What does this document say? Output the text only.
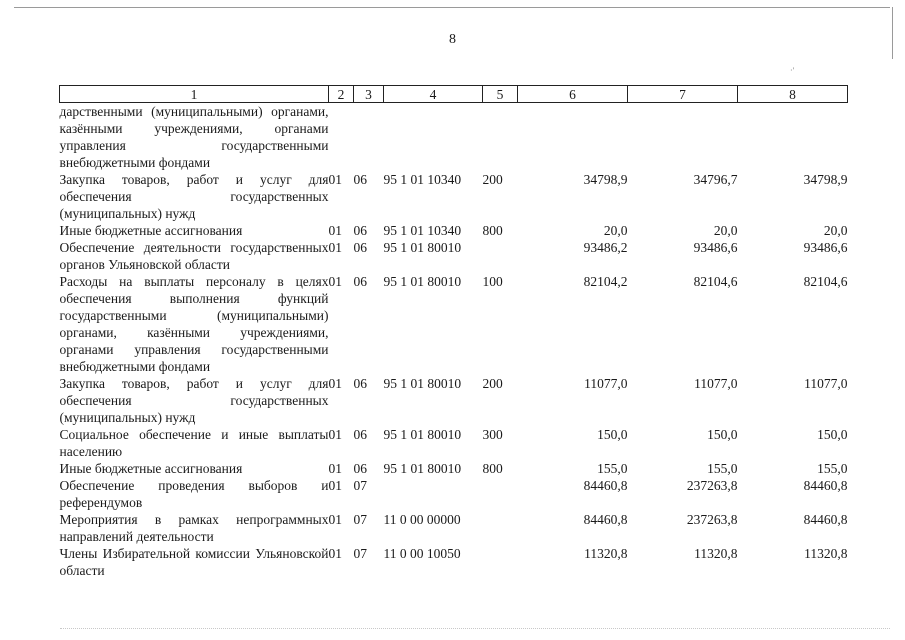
8
·'
1	2	3	4	5	6	7	8
дарственными (муниципальными) органами, казёнными учреждениями, органами управления государственными внебюджетными фондами							
Закупка товаров, работ и услуг для обеспечения государственных (муниципальных) нужд	01	06	95 1 01 10340	200	34798,9	34796,7	34798,9
Иные бюджетные ассигнования	01	06	95 1 01 10340	800	20,0	20,0	20,0
Обеспечение деятельности государственных органов Ульяновской области	01	06	95 1 01 80010		93486,2	93486,6	93486,6
Расходы на выплаты персоналу в целях обеспечения выполнения функций государственными (муниципальными) органами, казёнными учреждениями, органами управления государственными внебюджетными фондами	01	06	95 1 01 80010	100	82104,2	82104,6	82104,6
Закупка товаров, работ и услуг для обеспечения государственных (муниципальных) нужд	01	06	95 1 01 80010	200	11077,0	11077,0	11077,0
Социальное обеспечение и иные выплаты населению	01	06	95 1 01 80010	300	150,0	150,0	150,0
Иные бюджетные ассигнования	01	06	95 1 01 80010	800	155,0	155,0	155,0
Обеспечение проведения выборов и референдумов	01	07			84460,8	237263,8	84460,8
Мероприятия в рамках непрограммных направлений деятельности	01	07	11 0 00 00000		84460,8	237263,8	84460,8
Члены Избирательной комиссии Ульяновской области	01	07	11 0 00 10050		11320,8	11320,8	11320,8
